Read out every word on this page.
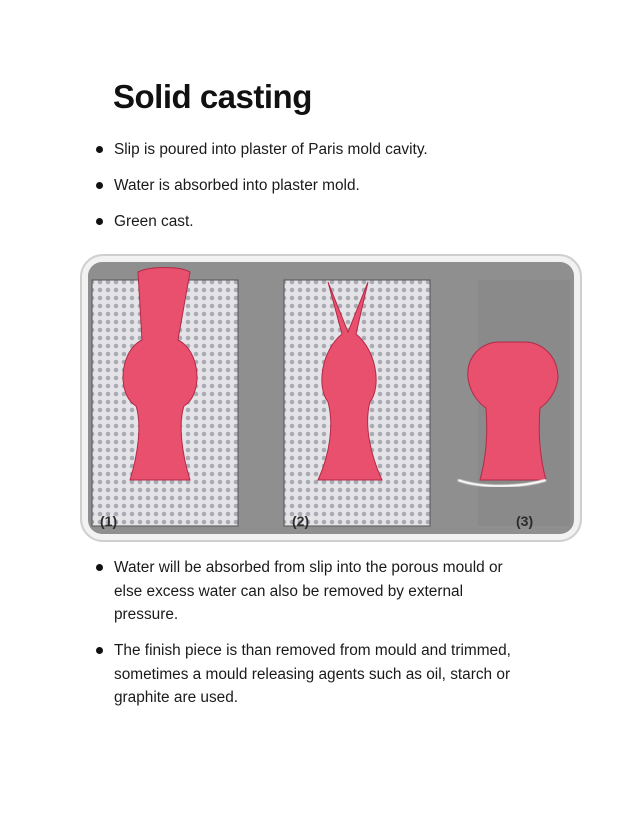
Solid casting
Slip is poured into plaster of Paris mold cavity.
Water is absorbed into plaster mold.
Green cast.
(1)	(2)	(3)
Water will be absorbed from slip into the porous mould or
else excess water can also be removed by external
pressure.
The finish piece is than removed from mould and trimmed,
sometimes a mould releasing agents such as oil, starch or
graphite are used.
